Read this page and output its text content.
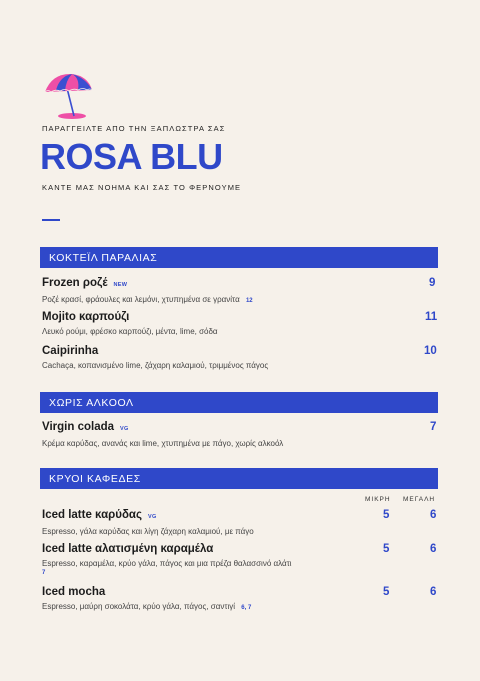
ΠΑΡΑΓΓΕΙΛΤΕ ΑΠΟ ΤΗΝ ΞΑΠΛΩΣΤΡΑ ΣΑΣ
ROSA BLU
ΚΑΝΤΕ ΜΑΣ ΝΟΗΜΑ ΚΑΙ ΣΑΣ ΤΟ ΦΕΡΝΟΥΜΕ
ΚΟΚΤΕΪΛ ΠΑΡΑΛΙΑΣ
Frozen ροζέ NEW
Ροζέ κρασί, φράουλες και λεμόνι, χτυπημένα σε γρανίτα 12
9
Mojito καρπούζι
Λευκό ρούμι, φρέσκο καρπούζι, μέντα, lime, σόδα
11
Caipirinha
Cachaça, κοπανισμένο lime, ζάχαρη καλαμιού, τριμμένος πάγος
10
ΧΩΡΙΣ ΑΛΚΟΟΛ
Virgin colada VG
Κρέμα καρύδας, ανανάς και lime, χτυπημένα με πάγο, χωρίς αλκοόλ
7
ΚΡΥΟΙ ΚΑΦΕΔΕΣ
ΜΙΚΡΗ ΜΕΓΑΛΗ
Iced latte καρύδας VG
Espresso, γάλα καρύδας και λίγη ζάχαρη καλαμιού, με πάγο
5	6
Iced latte αλατισμένη καραμέλα
Espresso, καραμέλα, κρύο γάλα, πάγος και μια πρέζα θαλασσινό αλάτι
7
5	6
Iced mocha
Espresso, μαύρη σοκολάτα, κρύο γάλα, πάγος, σαντιγί 6, 7
5	6
